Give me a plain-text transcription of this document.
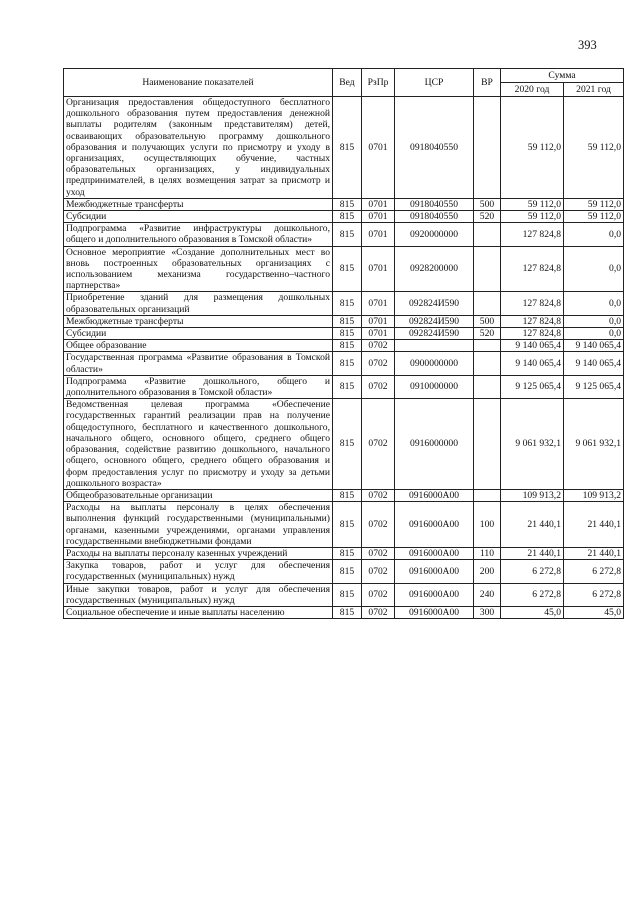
393
Наименование показателей	Вед	РзПр	ЦСР	ВР	Сумма	
					2020 год	2021 год
Организация предоставления общедоступного бесплатного дошкольного образования путем предоставления денежной выплаты родителям (законным представителям) детей, осваивающих образовательную программу дошкольного образования и получающих услуги по присмотру и уходу в организациях, осуществляющих обучение, частных образовательных организациях, у индивидуальных предпринимателей, в целях возмещения затрат за присмотр и уход	815	0701	0918040550		59 112,0	59 112,0
Межбюджетные трансферты	815	0701	0918040550	500	59 112,0	59 112,0
Субсидии	815	0701	0918040550	520	59 112,0	59 112,0
Подпрограмма «Развитие инфраструктуры дошкольного, общего и дополнительного образования в Томской области»	815	0701	0920000000		127 824,8	0,0
Основное мероприятие «Создание дополнительных мест во вновь построенных образовательных организациях с использованием механизма государственно–частного партнерства»	815	0701	0928200000		127 824,8	0,0
Приобретение зданий для размещения дошкольных образовательных организаций	815	0701	092824И590		127 824,8	0,0
Межбюджетные трансферты	815	0701	092824И590	500	127 824,8	0,0
Субсидии	815	0701	092824И590	520	127 824,8	0,0
Общее образование	815	0702			9 140 065,4	9 140 065,4
Государственная программа «Развитие образования в Томской области»	815	0702	0900000000		9 140 065,4	9 140 065,4
Подпрограмма «Развитие дошкольного, общего и дополнительного образования в Томской области»	815	0702	0910000000		9 125 065,4	9 125 065,4
Ведомственная целевая программа «Обеспечение государственных гарантий реализации прав на получение общедоступного, бесплатного и качественного дошкольного, начального общего, основного общего, среднего общего образования, содействие развитию дошкольного, начального общего, основного общего, среднего общего образования и форм предоставления услуг по присмотру и уходу за детьми дошкольного возраста»	815	0702	0916000000		9 061 932,1	9 061 932,1
Общеобразовательные организации	815	0702	0916000A00		109 913,2	109 913,2
Расходы на выплаты персоналу в целях обеспечения выполнения функций государственными (муниципальными) органами, казенными учреждениями, органами управления государственными внебюджетными фондами	815	0702	0916000A00	100	21 440,1	21 440,1
Расходы на выплаты персоналу казенных учреждений	815	0702	0916000A00	110	21 440,1	21 440,1
Закупка товаров, работ и услуг для обеспечения государственных (муниципальных) нужд	815	0702	0916000A00	200	6 272,8	6 272,8
Иные закупки товаров, работ и услуг для обеспечения государственных (муниципальных) нужд	815	0702	0916000A00	240	6 272,8	6 272,8
Социальное обеспечение и иные выплаты населению	815	0702	0916000A00	300	45,0	45,0
